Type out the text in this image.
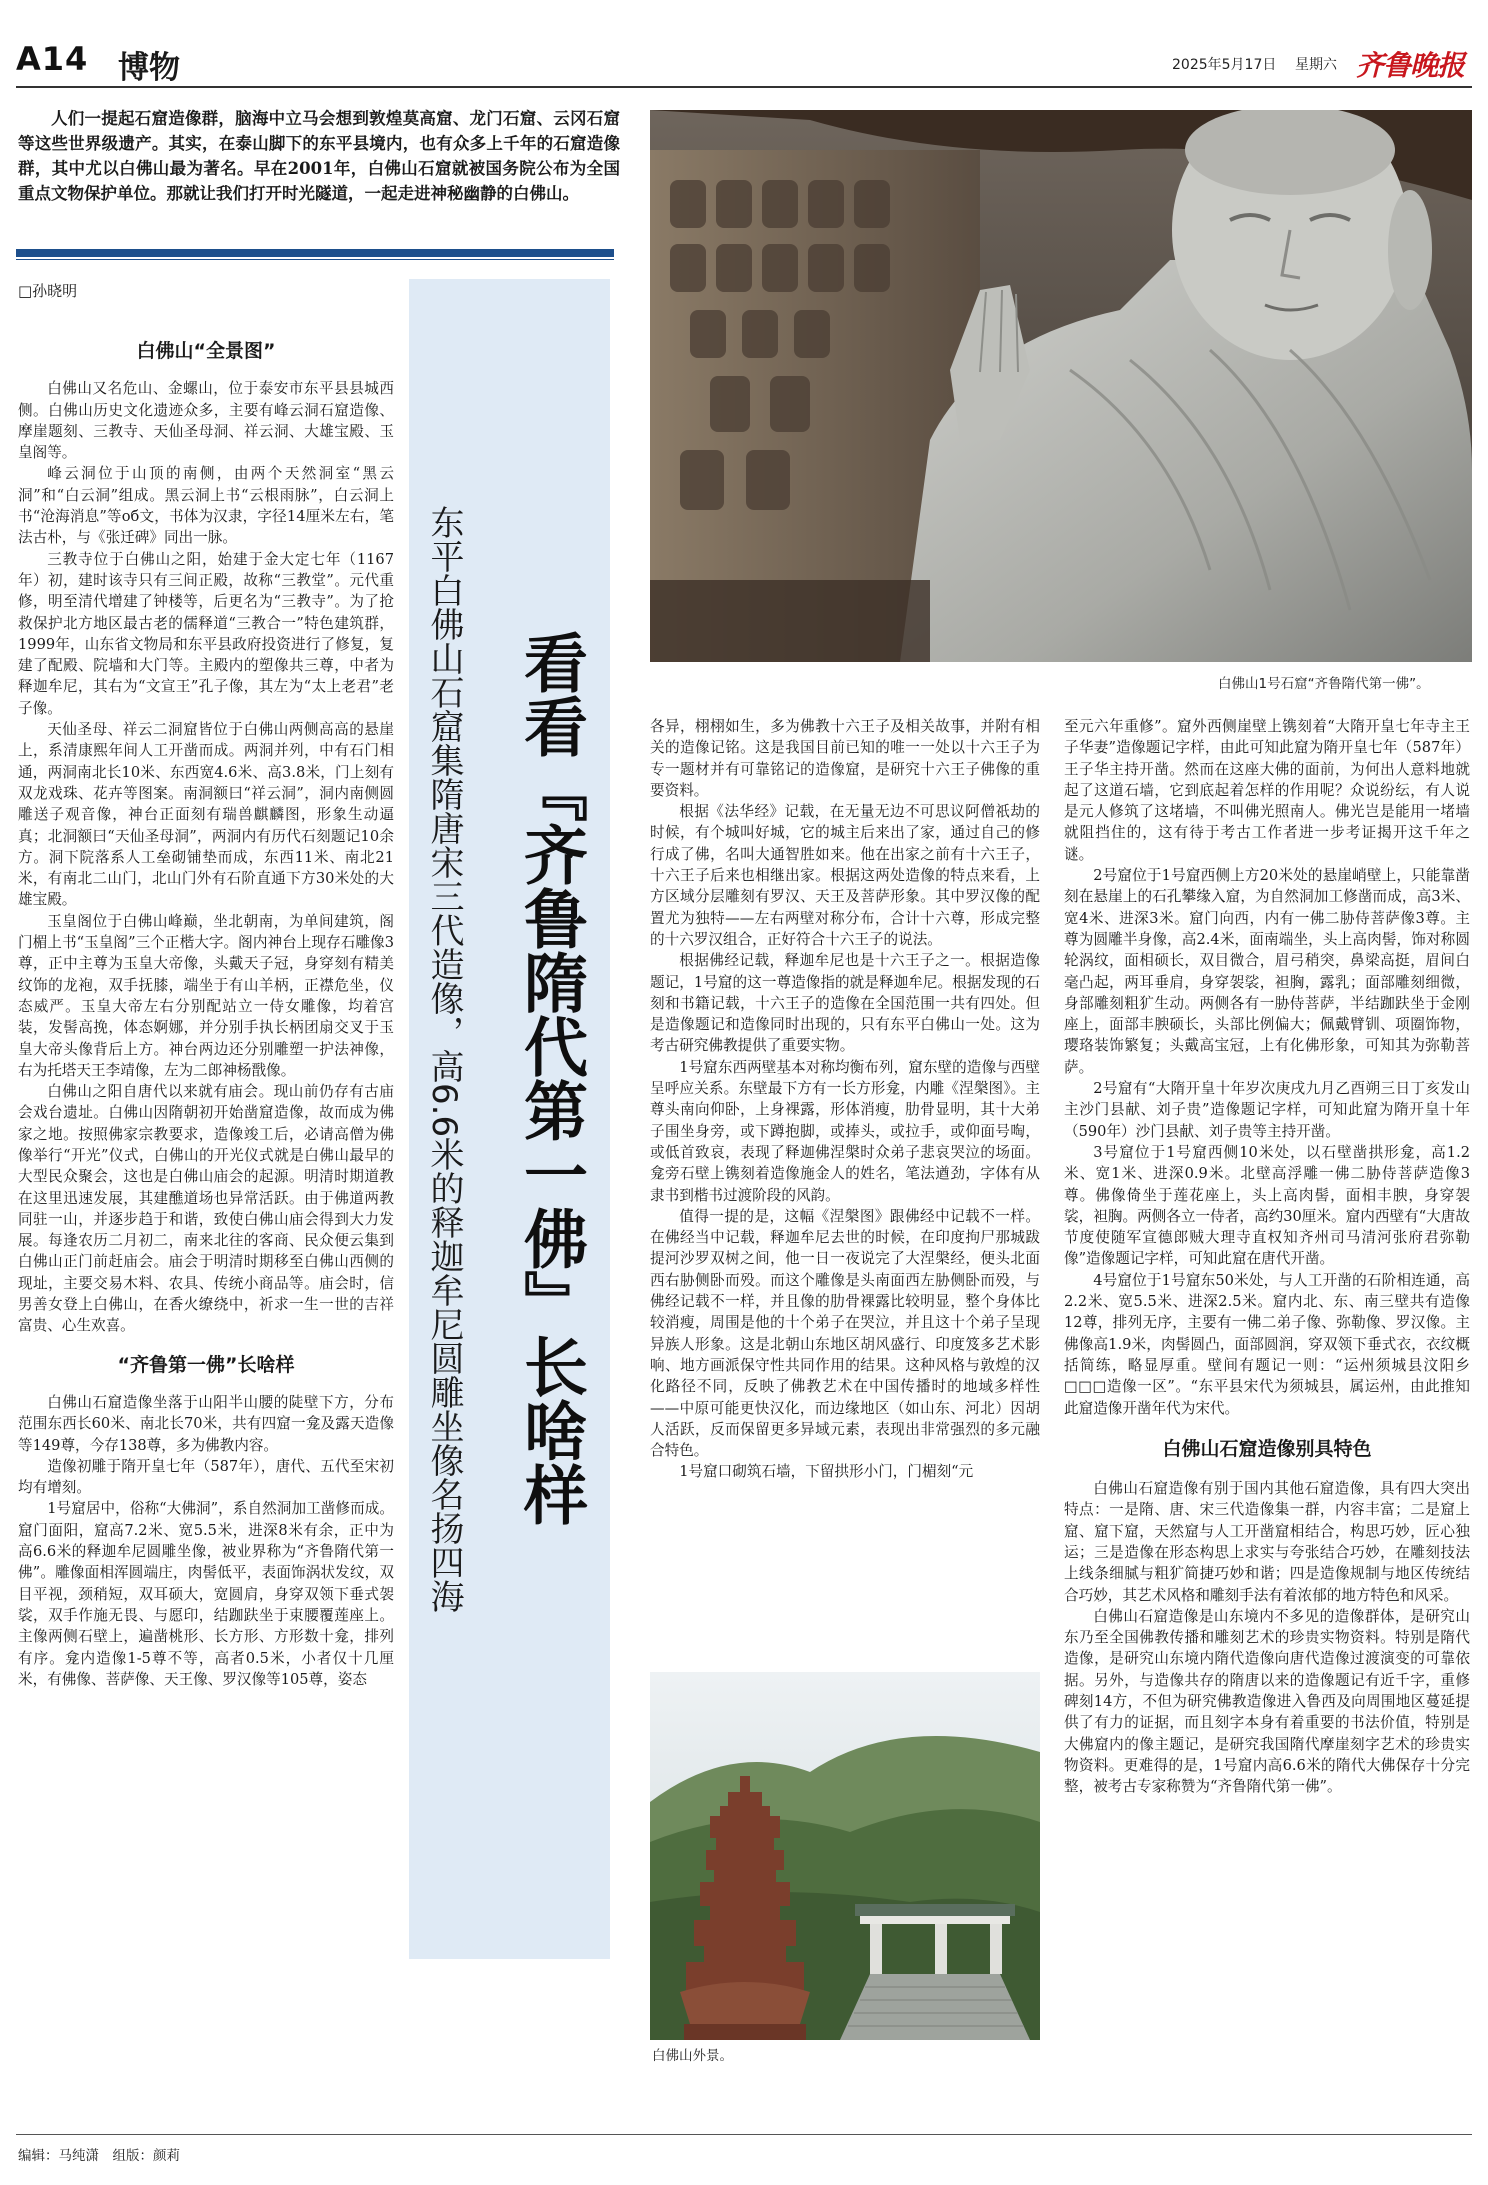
A14 博物	2025年5月17日 星期六 齐鲁晚报
人们一提起石窟造像群，脑海中立马会想到敦煌莫高窟、龙门石窟、云冈石窟等这些世界级遗产。其实，在泰山脚下的东平县境内，也有众多上千年的石窟造像群，其中尤以白佛山最为著名。早在2001年，白佛山石窟就被国务院公布为全国重点文物保护单位。那就让我们打开时光隧道，一起走进神秘幽静的白佛山。
□孙晓明
白佛山“全景图”

白佛山又名危山、金螺山，位于泰安市东平县县城西侧。白佛山历史文化遗迹众多，主要有峰云洞石窟造像、摩崖题刻、三教寺、天仙圣母洞、祥云洞、大雄宝殿、玉皇阁等。

峰云洞位于山顶的南侧，由两个天然洞室“黑云洞”和“白云洞”组成。黑云洞上书“云根雨脉”，白云洞上书“沧海消息”等об文，书体为汉隶，字径14厘米左右，笔法古朴，与《张迁碑》同出一脉。

三教寺位于白佛山之阳，始建于金大定七年（1167年）初，建时该寺只有三间正殿，故称“三教堂”。元代重修，明至清代增建了钟楼等，后更名为“三教寺”。为了抢救保护北方地区最古老的儒释道“三教合一”特色建筑群，1999年，山东省文物局和东平县政府投资进行了修复，复建了配殿、院墙和大门等。主殿内的塑像共三尊，中者为释迦牟尼，其右为“文宣王”孔子像，其左为“太上老君”老子像。

天仙圣母、祥云二洞窟皆位于白佛山两侧高高的悬崖上，系清康熙年间人工开凿而成。两洞并列，中有石门相通，两洞南北长10米、东西宽4.6米、高3.8米，门上刻有双龙戏珠、花卉等图案。南洞额曰“祥云洞”，洞内南侧圆雕送子观音像，神台正面刻有瑞兽麒麟图，形象生动逼真；北洞额曰“天仙圣母洞”，两洞内有历代石刻题记10余方。洞下院落系人工垒砌铺垫而成，东西11米、南北21米，有南北二山门，北山门外有石阶直通下方30米处的大雄宝殿。

玉皇阁位于白佛山峰巅，坐北朝南，为单间建筑，阁门楣上书“玉皇阁”三个正楷大字。阁内神台上现存石雕像3尊，正中主尊为玉皇大帝像，头戴天子冠，身穿刻有精美纹饰的龙袍，双手抚膝，端坐于有山羊柄，正襟危坐，仪态威严。玉皇大帝左右分别配站立一侍女雕像，均着宫装，发髻高挽，体态婀娜，并分别手执长柄团扇交叉于玉皇大帝头像背后上方。神台两边还分别雕塑一护法神像，右为托塔天王李靖像，左为二郎神杨戬像。

白佛山之阳自唐代以来就有庙会。现山前仍存有古庙会戏台遗址。白佛山因隋朝初开始凿窟造像，故而成为佛家之地。按照佛家宗教要求，造像竣工后，必请高僧为佛像举行“开光”仪式，白佛山的开光仪式就是白佛山最早的大型民众聚会，这也是白佛山庙会的起源。明清时期道教在这里迅速发展，其建醮道场也异常活跃。由于佛道两教同驻一山，并逐步趋于和谐，致使白佛山庙会得到大力发展。每逢农历二月初二，南来北往的客商、民众便云集到白佛山正门前赶庙会。庙会于明清时期移至白佛山西侧的现址，主要交易木料、农具、传统小商品等。庙会时，信男善女登上白佛山，在香火缭绕中，祈求一生一世的吉祥富贵、心生欢喜。

“齐鲁第一佛”长啥样

白佛山石窟造像坐落于山阳半山腰的陡壁下方，分布范围东西长60米、南北长70米，共有四窟一龛及露天造像等149尊，今存138尊，多为佛教内容。

造像初雕于隋开皇七年（587年），唐代、五代至宋初均有增刻。

1号窟居中，俗称“大佛洞”，系自然洞加工凿修而成。窟门面阳，窟高7.2米、宽5.5米，进深8米有余，正中为高6.6米的释迦牟尼圆雕坐像，被业界称为“齐鲁隋代第一佛”。雕像面相浑圆端庄，肉髻低平，表面饰涡状发纹，双目平视，颈稍短，双耳硕大，宽圆肩，身穿双领下垂式袈裟，双手作施无畏、与愿印，结跏趺坐于束腰覆莲座上。主像两侧石壁上，遍凿桃形、长方形、方形数十龛，排列有序。龛内造像1-5尊不等，高者0.5米，小者仅十几厘米，有佛像、菩萨像、天王像、罗汉像等105尊，姿态

看看『齐鲁隋代第一佛』长啥样
东平白佛山石窟集隋唐宋三代造像，高6.6米的释迦牟尼圆雕坐像名扬四海	白佛山1号石窟“齐鲁隋代第一佛”。

各异，栩栩如生，多为佛教十六王子及相关故事，并附有相关的造像记铭。这是我国目前已知的唯一一处以十六王子为专一题材并有可靠铭记的造像窟，是研究十六王子佛像的重要资料。

根据《法华经》记载，在无量无边不可思议阿僧祇劫的时候，有个城叫好城，它的城主后来出了家，通过自己的修行成了佛，名叫大通智胜如来。他在出家之前有十六王子，十六王子后来也相继出家。根据这两处造像的特点来看，上方区域分层雕刻有罗汉、天王及菩萨形象。其中罗汉像的配置尤为独特——左右两壁对称分布，合计十六尊，形成完整的十六罗汉组合，正好符合十六王子的说法。

根据佛经记载，释迦牟尼也是十六王子之一。根据造像题记，1号窟的这一尊造像指的就是释迦牟尼。根据发现的石刻和书籍记载，十六王子的造像在全国范围一共有四处。但是造像题记和造像同时出现的，只有东平白佛山一处。这为考古研究佛教提供了重要实物。

1号窟东西两壁基本对称均衡布列，窟东壁的造像与西壁呈呼应关系。东壁最下方有一长方形龛，内雕《涅槃图》。主尊头南向仰卧，上身裸露，形体消瘦，肋骨显明，其十大弟子围坐身旁，或下蹲抱脚，或捧头，或拉手，或仰面号啕，或低首致哀，表现了释迦佛涅槃时众弟子悲哀哭泣的场面。龛旁石壁上镌刻着造像施金人的姓名，笔法遒劲，字体有从隶书到楷书过渡阶段的风韵。

值得一提的是，这幅《涅槃图》跟佛经中记载不一样。在佛经当中记载，释迦牟尼去世的时候，在印度拘尸那城跋提河沙罗双树之间，他一日一夜说完了大涅槃经，便头北面西右胁侧卧而殁。而这个雕像是头南面西左胁侧卧而殁，与佛经记载不一样，并且像的肋骨裸露比较明显，整个身体比较消瘦，周围是他的十个弟子在哭泣，并且这十个弟子呈现异族人形象。这是北朝山东地区胡风盛行、印度笈多艺术影响、地方画派保守性共同作用的结果。这种风格与敦煌的汉化路径不同，反映了佛教艺术在中国传播时的地域多样性——中原可能更快汉化，而边缘地区（如山东、河北）因胡人活跃，反而保留更多异域元素，表现出非常强烈的多元融合特色。

1号窟口砌筑石墙，下留拱形小门，门楣刻“元

白佛山外景。

至元六年重修”。窟外西侧崖壁上镌刻着“大隋开皇七年寺主王子华妻”造像题记字样，由此可知此窟为隋开皇七年（587年）王子华主持开凿。然而在这座大佛的面前，为何出人意料地就起了这道石墙，它到底起着怎样的作用呢？众说纷纭，有人说是元人修筑了这堵墙，不叫佛光照南人。佛光岂是能用一堵墙就阻挡住的，这有待于考古工作者进一步考证揭开这千年之谜。

2号窟位于1号窟西侧上方20米处的悬崖峭壁上，只能靠凿刻在悬崖上的石孔攀缘入窟，为自然洞加工修凿而成，高3米、宽4米、进深3米。窟门向西，内有一佛二胁侍菩萨像3尊。主尊为圆雕半身像，高2.4米，面南端坐，头上高肉髻，饰对称圆轮涡纹，面相硕长，双目微合，眉弓稍突，鼻梁高挺，眉间白毫凸起，两耳垂肩，身穿袈裟，袒胸，露乳；面部雕刻细微，身部雕刻粗犷生动。两侧各有一胁侍菩萨，半结跏趺坐于金刚座上，面部丰腴硕长，头部比例偏大；佩戴臂钏、项圈饰物，璎珞装饰繁复；头戴高宝冠，上有化佛形象，可知其为弥勒菩萨。

2号窟有“大隋开皇十年岁次庚戌九月乙酉朔三日丁亥发山主沙门县献、刘子贵”造像题记字样，可知此窟为隋开皇十年（590年）沙门县献、刘子贵等主持开凿。

3号窟位于1号窟西侧10米处，以石壁凿拱形龛，高1.2米、宽1米、进深0.9米。北壁高浮雕一佛二胁侍菩萨造像3尊。佛像倚坐于莲花座上，头上高肉髻，面相丰腴，身穿袈裟，袒胸。两侧各立一侍者，高约30厘米。窟内西壁有“大唐故节度使随军宣德郎贼大理寺直权知齐州司马清河张府君弥勒像”造像题记字样，可知此窟在唐代开凿。

4号窟位于1号窟东50米处，与人工开凿的石阶相连通，高2.2米、宽5.5米、进深2.5米。窟内北、东、南三壁共有造像12尊，排列无序，主要有一佛二弟子像、弥勒像、罗汉像。主佛像高1.9米，肉髻圆凸，面部圆润，穿双领下垂式衣，衣纹概括简练，略显厚重。壁间有题记一则：“运州须城县汶阳乡□□□造像一区”。“东平县宋代为须城县，属运州，由此推知此窟造像开凿年代为宋代。

白佛山石窟造像别具特色

白佛山石窟造像有别于国内其他石窟造像，具有四大突出特点：一是隋、唐、宋三代造像集一群，内容丰富；二是窟上窟、窟下窟，天然窟与人工开凿窟相结合，构思巧妙，匠心独运；三是造像在形态构思上求实与夸张结合巧妙，在雕刻技法上线条细腻与粗犷简捷巧妙和谐；四是造像规制与地区传统结合巧妙，其艺术风格和雕刻手法有着浓郁的地方特色和风采。

白佛山石窟造像是山东境内不多见的造像群体，是研究山东乃至全国佛教传播和雕刻艺术的珍贵实物资料。特别是隋代造像，是研究山东境内隋代造像向唐代造像过渡演变的可靠依据。另外，与造像共存的隋唐以来的造像题记有近千字，重修碑刻14方，不但为研究佛教造像进入鲁西及向周围地区蔓延提供了有力的证据，而且刻字本身有着重要的书法价值，特别是大佛窟内的像主题记，是研究我国隋代摩崖刻字艺术的珍贵实物资料。更难得的是，1号窟内高6.6米的隋代大佛保存十分完整，被考古专家称赞为“齐鲁隋代第一佛”。

编辑：马纯潇　组版：颜莉
